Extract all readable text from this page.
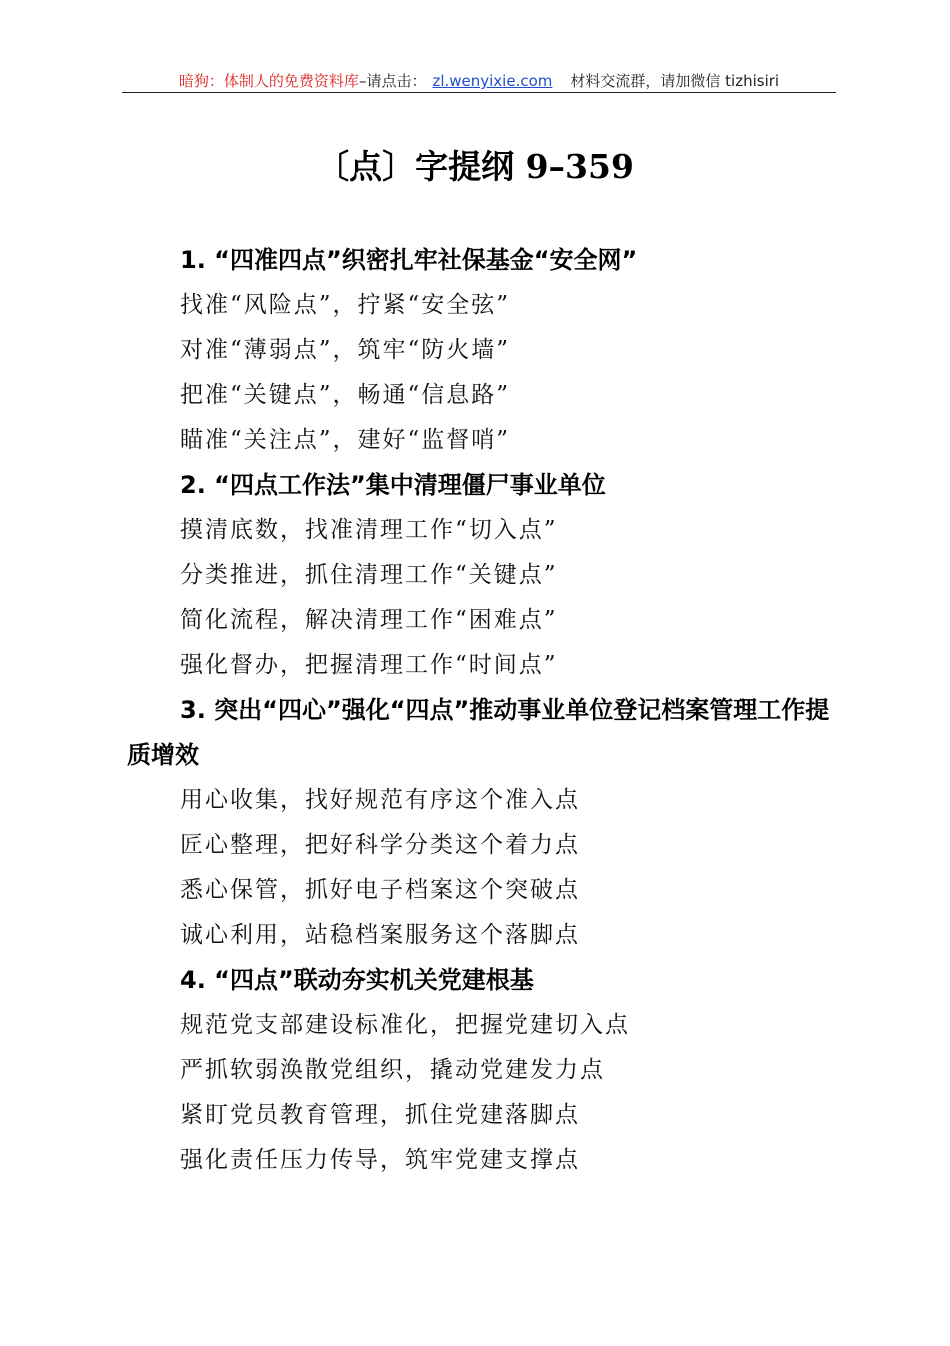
暗狗：体制人的免费资料库–请点击： zl.wenyixie.com 材料交流群，请加微信 tizhisiri
〔点〕字提纲 9–359
1. “四准四点”织密扎牢社保基金“安全网”
找准“风险点”，拧紧“安全弦”
对准“薄弱点”，筑牢“防火墙”
把准“关键点”，畅通“信息路”
瞄准“关注点”，建好“监督哨”
2. “四点工作法”集中清理僵尸事业单位
摸清底数，找准清理工作“切入点”
分类推进，抓住清理工作“关键点”
简化流程，解决清理工作“困难点”
强化督办，把握清理工作“时间点”
3. 突出“四心”强化“四点”推动事业单位登记档案管理工作提质增效
用心收集，找好规范有序这个准入点
匠心整理，把好科学分类这个着力点
悉心保管，抓好电子档案这个突破点
诚心利用，站稳档案服务这个落脚点
4. “四点”联动夯实机关党建根基
规范党支部建设标准化，把握党建切入点
严抓软弱涣散党组织，撬动党建发力点
紧盯党员教育管理，抓住党建落脚点
强化责任压力传导，筑牢党建支撑点
